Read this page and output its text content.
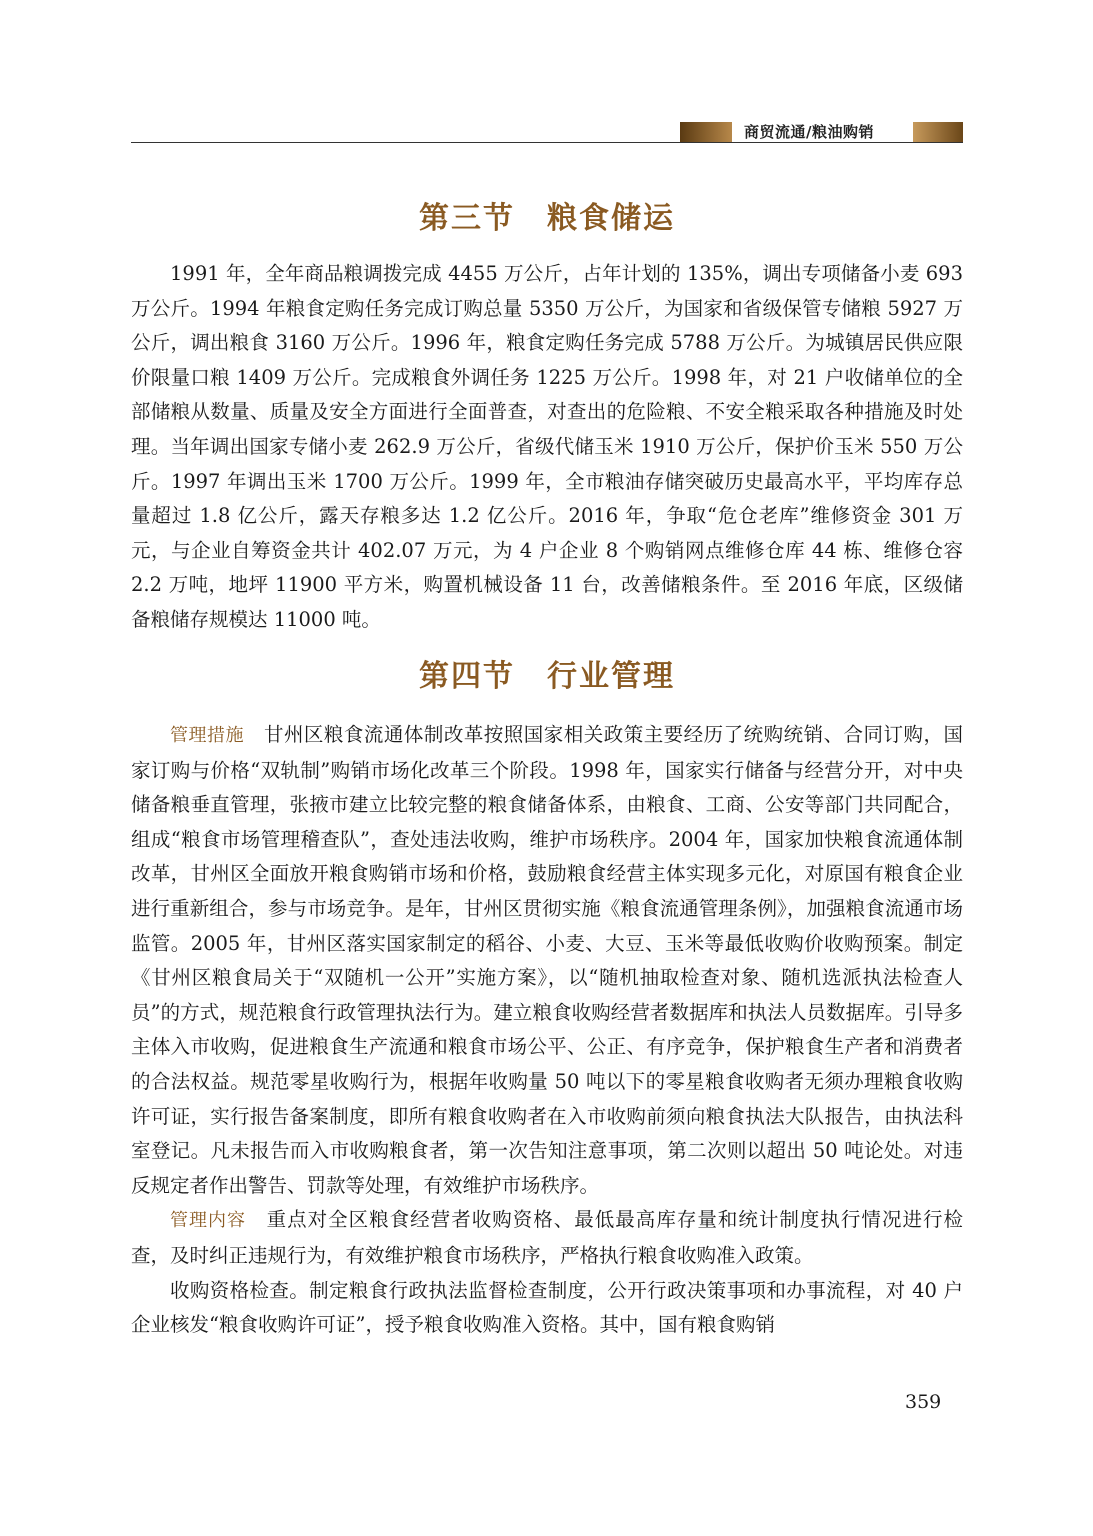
商贸流通/粮油购销
第三节　粮食储运

1991 年，全年商品粮调拨完成 4455 万公斤，占年计划的 135%，调出专项储备小麦 693 万公斤。1994 年粮食定购任务完成订购总量 5350 万公斤，为国家和省级保管专储粮 5927 万公斤，调出粮食 3160 万公斤。1996 年，粮食定购任务完成 5788 万公斤。为城镇居民供应限价限量口粮 1409 万公斤。完成粮食外调任务 1225 万公斤。1998 年，对 21 户收储单位的全部储粮从数量、质量及安全方面进行全面普查，对查出的危险粮、不安全粮采取各种措施及时处理。当年调出国家专储小麦 262.9 万公斤，省级代储玉米 1910 万公斤，保护价玉米 550 万公斤。1997 年调出玉米 1700 万公斤。1999 年，全市粮油存储突破历史最高水平，平均库存总量超过 1.8 亿公斤，露天存粮多达 1.2 亿公斤。2016 年，争取“危仓老库”维修资金 301 万元，与企业自筹资金共计 402.07 万元，为 4 户企业 8 个购销网点维修仓库 44 栋、维修仓容 2.2 万吨，地坪 11900 平方米，购置机械设备 11 台，改善储粮条件。至 2016 年底，区级储备粮储存规模达 11000 吨。

第四节　行业管理

管理措施　 甘州区粮食流通体制改革按照国家相关政策主要经历了统购统销、合同订购，国家订购与价格“双轨制”购销市场化改革三个阶段。1998 年，国家实行储备与经营分开，对中央储备粮垂直管理，张掖市建立比较完整的粮食储备体系，由粮食、工商、公安等部门共同配合，组成“粮食市场管理稽查队”，查处违法收购，维护市场秩序。2004 年，国家加快粮食流通体制改革，甘州区全面放开粮食购销市场和价格，鼓励粮食经营主体实现多元化，对原国有粮食企业进行重新组合，参与市场竞争。是年，甘州区贯彻实施《粮食流通管理条例》，加强粮食流通市场监管。2005 年，甘州区落实国家制定的稻谷、小麦、大豆、玉米等最低收购价收购预案。制定《甘州区粮食局关于“双随机一公开”实施方案》，以“随机抽取检查对象、随机选派执法检查人员”的方式，规范粮食行政管理执法行为。建立粮食收购经营者数据库和执法人员数据库。引导多主体入市收购，促进粮食生产流通和粮食市场公平、公正、有序竞争，保护粮食生产者和消费者的合法权益。规范零星收购行为，根据年收购量 50 吨以下的零星粮食收购者无须办理粮食收购许可证，实行报告备案制度，即所有粮食收购者在入市收购前须向粮食执法大队报告，由执法科室登记。凡未报告而入市收购粮食者，第一次告知注意事项，第二次则以超出 50 吨论处。对违反规定者作出警告、罚款等处理，有效维护市场秩序。

管理内容　 重点对全区粮食经营者收购资格、最低最高库存量和统计制度执行情况进行检查，及时纠正违规行为，有效维护粮食市场秩序，严格执行粮食收购准入政策。

收购资格检查。制定粮食行政执法监督检查制度，公开行政决策事项和办事流程，对 40 户企业核发“粮食收购许可证”，授予粮食收购准入资格。其中，国有粮食购销

359
